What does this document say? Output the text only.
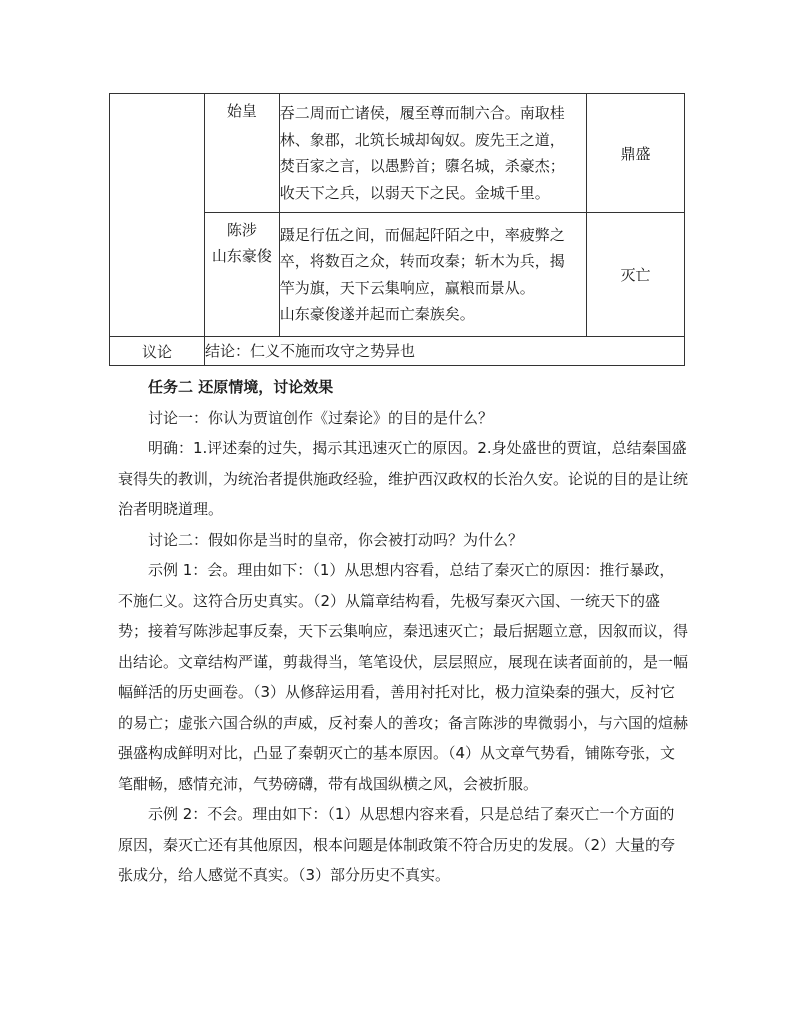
	始皇	吞二周而亡诸侯，履至尊而制六合。南取桂
林、象郡，北筑长城却匈奴。废先王之道，
焚百家之言，以愚黔首；隳名城，杀豪杰；
收天下之兵，以弱天下之民。金城千里。	鼎盛

	陈涉
山东豪俊	蹑足行伍之间，而倔起阡陌之中，率疲弊之
卒，将数百之众，转而攻秦；斩木为兵，揭
竿为旗，天下云集响应，赢粮而景从。
山东豪俊遂并起而亡秦族矣。	灭亡
议论	结论：仁义不施而攻守之势异也		

任务二 还原情境，讨论效果

讨论一：你认为贾谊创作《过秦论》的目的是什么？

明确：1.评述秦的过失，揭示其迅速灭亡的原因。2.身处盛世的贾谊，总结秦国盛衰得失的教训，为统治者提供施政经验，维护西汉政权的长治久安。论说的目的是让统治者明晓道理。

讨论二：假如你是当时的皇帝，你会被打动吗？为什么？

示例 1：会。理由如下：（1）从思想内容看，总结了秦灭亡的原因：推行暴政，不施仁义。这符合历史真实。（2）从篇章结构看，先极写秦灭六国、一统天下的盛势；接着写陈涉起事反秦，天下云集响应，秦迅速灭亡；最后据题立意，因叙而议，得出结论。文章结构严谨，剪裁得当，笔笔设伏，层层照应，展现在读者面前的，是一幅幅鲜活的历史画卷。（3）从修辞运用看，善用衬托对比，极力渲染秦的强大，反衬它的易亡；虚张六国合纵的声威，反衬秦人的善攻；备言陈涉的卑微弱小，与六国的煊赫强盛构成鲜明对比，凸显了秦朝灭亡的基本原因。（4）从文章气势看，铺陈夸张，文笔酣畅，感情充沛，气势磅礴，带有战国纵横之风，会被折服。

示例 2：不会。理由如下：（1）从思想内容来看，只是总结了秦灭亡一个方面的原因，秦灭亡还有其他原因，根本问题是体制政策不符合历史的发展。（2）大量的夸张成分，给人感觉不真实。（3）部分历史不真实。
